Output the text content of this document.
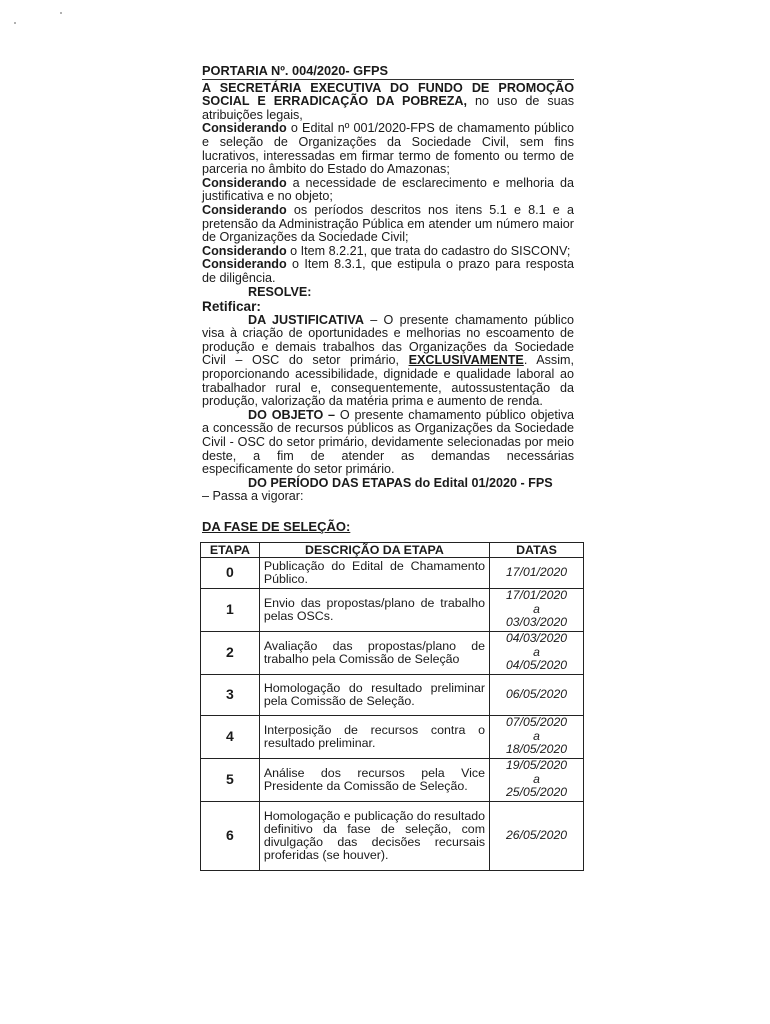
PORTARIA Nº. 004/2020- GFPS

A SECRETÁRIA EXECUTIVA DO FUNDO DE PROMOÇÃO SOCIAL E ERRADICAÇÃO DA POBREZA, no uso de suas atribuições legais,

Considerando o Edital nº 001/2020-FPS de chamamento público e seleção de Organizações da Sociedade Civil, sem fins lucrativos, interessadas em firmar termo de fomento ou termo de parceria no âmbito do Estado do Amazonas;

Considerando a necessidade de esclarecimento e melhoria da justificativa e no objeto;

Considerando os períodos descritos nos itens 5.1 e 8.1 e a pretensão da Administração Pública em atender um número maior de Organizações da Sociedade Civil;

Considerando o Item 8.2.21, que trata do cadastro do SISCONV;

Considerando o Item 8.3.1, que estipula o prazo para resposta de diligência.

RESOLVE:
Retificar:

DA JUSTIFICATIVA – O presente chamamento público visa à criação de oportunidades e melhorias no escoamento de produção e demais trabalhos das Organizações da Sociedade Civil – OSC do setor primário, EXCLUSIVAMENTE. Assim, proporcionando acessibilidade, dignidade e qualidade laboral ao trabalhador rural e, consequentemente, autossustentação da produção, valorização da matéria prima e aumento de renda.

DO OBJETO – O presente chamamento público objetiva a concessão de recursos públicos as Organizações da Sociedade Civil - OSC do setor primário, devidamente selecionadas por meio deste, a fim de atender as demandas necessárias especificamente do setor primário.

DO PERÍODO DAS ETAPAS do Edital 01/2020 - FPS

– Passa a vigorar:

DA FASE DE SELEÇÃO:
ETAPA	DESCRIÇÃO DA ETAPA	DATAS
0	Publicação do Edital de Chamamento Público.	17/01/2020

1	Envio das propostas/plano de trabalho pelas OSCs.	17/01/2020
a
03/03/2020

2	Avaliação das propostas/plano de trabalho pela Comissão de Seleção	04/03/2020
a
04/05/2020

3	Homologação do resultado preliminar pela Comissão de Seleção.	06/05/2020

4	Interposição de recursos contra o resultado preliminar.	07/05/2020
a
18/05/2020

5	Análise dos recursos pela Vice Presidente da Comissão de Seleção.	19/05/2020
a
25/05/2020

6	Homologação e publicação do resultado definitivo da fase de seleção, com divulgação das decisões recursais proferidas (se houver).	26/05/2020
